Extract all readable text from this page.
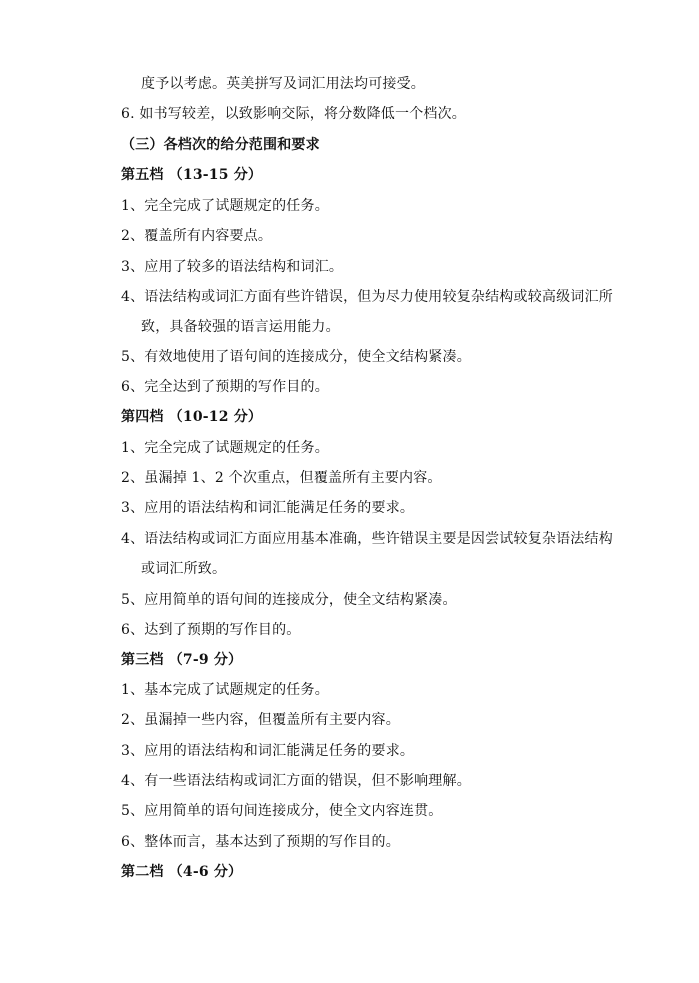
度予以考虑。英美拼写及词汇用法均可接受。
6. 如书写较差，以致影响交际，将分数降低一个档次。
（三）各档次的给分范围和要求
第五档 （13-15 分）
1、完全完成了试题规定的任务。
2、覆盖所有内容要点。
3、应用了较多的语法结构和词汇。
4、语法结构或词汇方面有些许错误，但为尽力使用较复杂结构或较高级词汇所
致，具备较强的语言运用能力。
5、有效地使用了语句间的连接成分，使全文结构紧凑。
6、完全达到了预期的写作目的。
第四档 （10-12 分）
1、完全完成了试题规定的任务。
2、虽漏掉 1、2 个次重点，但覆盖所有主要内容。
3、应用的语法结构和词汇能满足任务的要求。
4、语法结构或词汇方面应用基本准确，些许错误主要是因尝试较复杂语法结构
或词汇所致。
5、应用简单的语句间的连接成分，使全文结构紧凑。
6、达到了预期的写作目的。
第三档 （7-9 分）
1、基本完成了试题规定的任务。
2、虽漏掉一些内容，但覆盖所有主要内容。
3、应用的语法结构和词汇能满足任务的要求。
4、有一些语法结构或词汇方面的错误，但不影响理解。
5、应用简单的语句间连接成分，使全文内容连贯。
6、整体而言，基本达到了预期的写作目的。
第二档 （4-6 分）
